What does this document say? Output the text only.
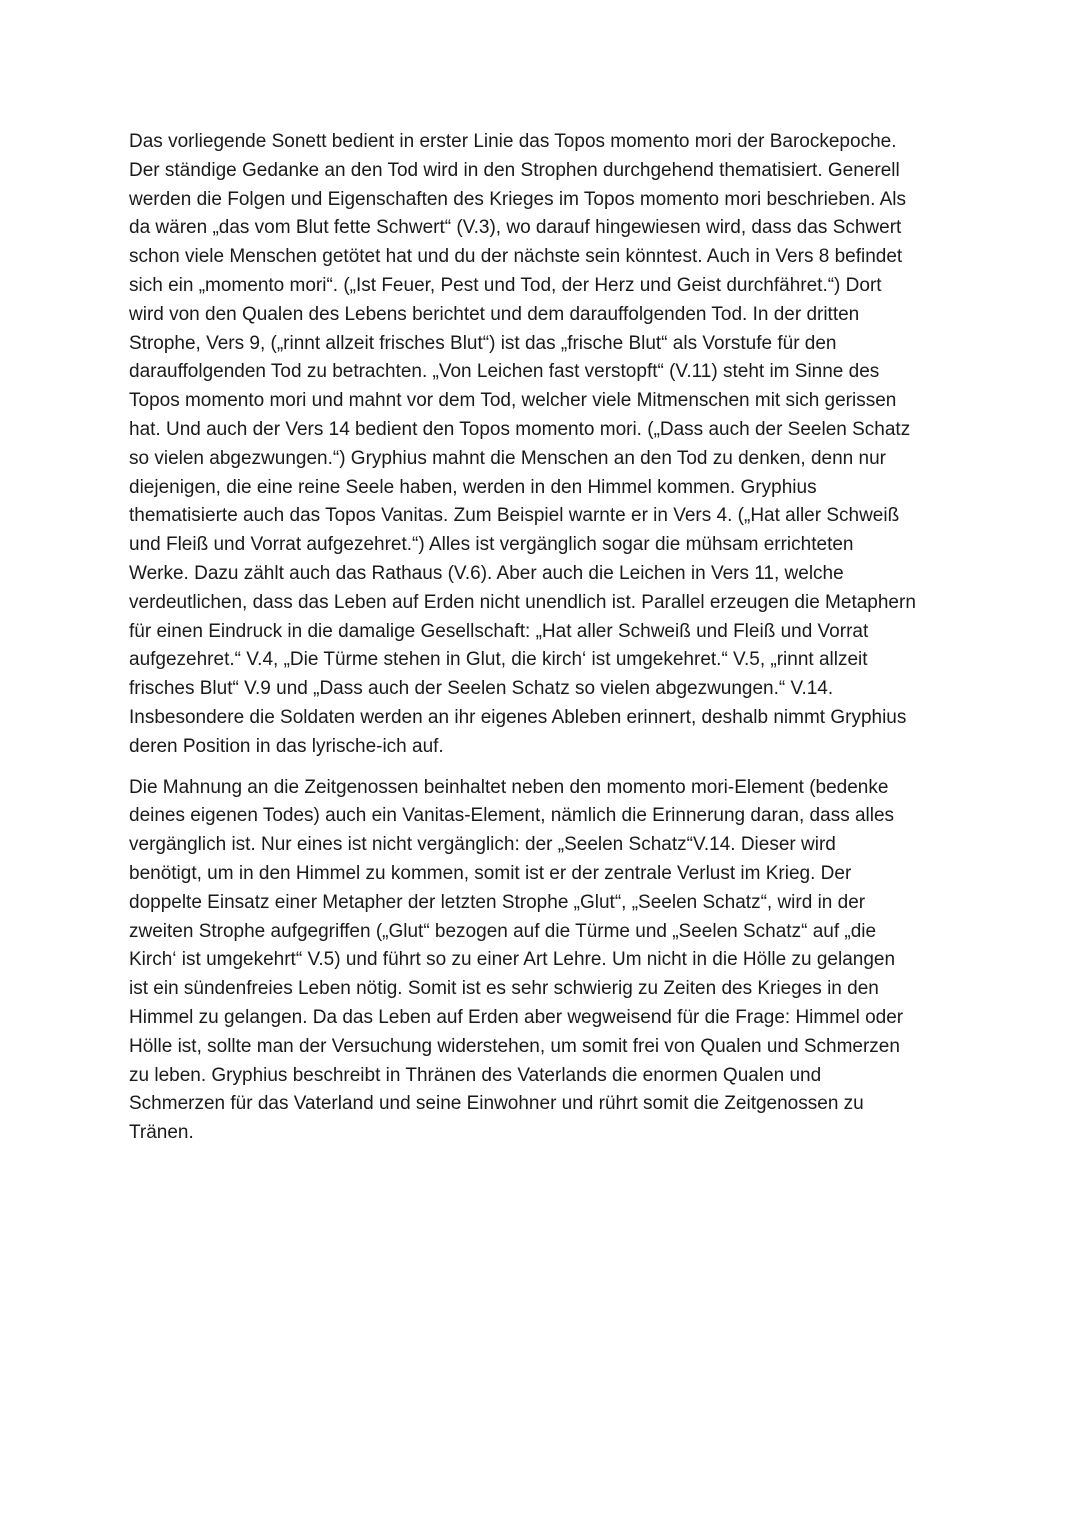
Das vorliegende Sonett bedient in erster Linie das Topos momento mori der Barockepoche.
Der ständige Gedanke an den Tod wird in den Strophen durchgehend thematisiert. Generell
werden die Folgen und Eigenschaften des Krieges im Topos momento mori beschrieben. Als
da wären „das vom Blut fette Schwert“ (V.3), wo darauf hingewiesen wird, dass das Schwert
schon viele Menschen getötet hat und du der nächste sein könntest. Auch in Vers 8 befindet
sich ein „momento mori“. („Ist Feuer, Pest und Tod, der Herz und Geist durchfähret.“) Dort
wird von den Qualen des Lebens berichtet und dem darauffolgenden Tod. In der dritten
Strophe, Vers 9, („rinnt allzeit frisches Blut“) ist das „frische Blut“ als Vorstufe für den
darauffolgenden Tod zu betrachten. „Von Leichen fast verstopft“ (V.11) steht im Sinne des
Topos momento mori und mahnt vor dem Tod, welcher viele Mitmenschen mit sich gerissen
hat. Und auch der Vers 14 bedient den Topos momento mori. („Dass auch der Seelen Schatz
so vielen abgezwungen.“) Gryphius mahnt die Menschen an den Tod zu denken, denn nur
diejenigen, die eine reine Seele haben, werden in den Himmel kommen. Gryphius
thematisierte auch das Topos Vanitas. Zum Beispiel warnte er in Vers 4. („Hat aller Schweiß
und Fleiß und Vorrat aufgezehret.“) Alles ist vergänglich sogar die mühsam errichteten
Werke. Dazu zählt auch das Rathaus (V.6). Aber auch die Leichen in Vers 11, welche
verdeutlichen, dass das Leben auf Erden nicht unendlich ist. Parallel erzeugen die Metaphern
für einen Eindruck in die damalige Gesellschaft: „Hat aller Schweiß und Fleiß und Vorrat
aufgezehret.“ V.4, „Die Türme stehen in Glut, die kirch‘ ist umgekehret.“ V.5, „rinnt allzeit
frisches Blut“ V.9 und „Dass auch der Seelen Schatz so vielen abgezwungen.“ V.14.
Insbesondere die Soldaten werden an ihr eigenes Ableben erinnert, deshalb nimmt Gryphius
deren Position in das lyrische-ich auf.
Die Mahnung an die Zeitgenossen beinhaltet neben den momento mori-Element (bedenke
deines eigenen Todes) auch ein Vanitas-Element, nämlich die Erinnerung daran, dass alles
vergänglich ist. Nur eines ist nicht vergänglich: der „Seelen Schatz“V.14. Dieser wird
benötigt, um in den Himmel zu kommen, somit ist er der zentrale Verlust im Krieg. Der
doppelte Einsatz einer Metapher der letzten Strophe „Glut“, „Seelen Schatz“, wird in der
zweiten Strophe aufgegriffen („Glut“ bezogen auf die Türme und „Seelen Schatz“ auf „die
Kirch‘ ist umgekehrt“ V.5) und führt so zu einer Art Lehre. Um nicht in die Hölle zu gelangen
ist ein sündenfreies Leben nötig. Somit ist es sehr schwierig zu Zeiten des Krieges in den
Himmel zu gelangen. Da das Leben auf Erden aber wegweisend für die Frage: Himmel oder
Hölle ist, sollte man der Versuchung widerstehen, um somit frei von Qualen und Schmerzen
zu leben. Gryphius beschreibt in Thränen des Vaterlands die enormen Qualen und
Schmerzen für das Vaterland und seine Einwohner und rührt somit die Zeitgenossen zu
Tränen.
